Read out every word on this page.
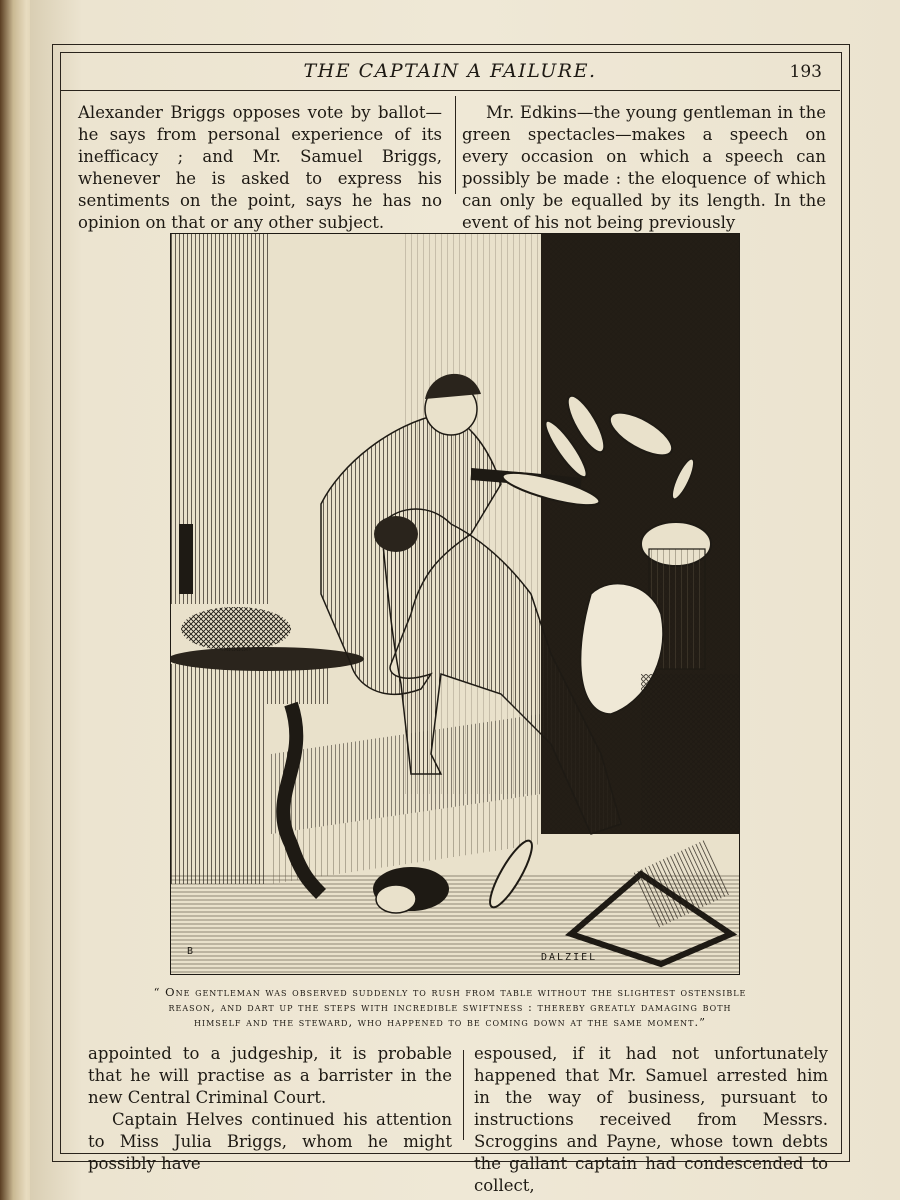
THE CAPTAIN A FAILURE.	193

Alexander Briggs opposes vote by ballot—he says from personal experience of its inefficacy ; and Mr. Samuel Briggs, whenever he is asked to express his sentiments on the point, says he has no opinion on that or any other subject.

Mr. Edkins—the young gentleman in the green spectacles—makes a speech on every occasion on which a speech can possibly be made : the eloquence of which can only be equalled by its length. In the event of his not being previously

B
DALZIEL
“ One gentleman was observed suddenly to rush from table without the slightest ostensible
reason, and dart up the steps with incredible swiftness : thereby greatly damaging both
himself and the steward, who happened to be coming down at the same moment.”

appointed to a judgeship, it is probable that he will practise as a barrister in the new Central Criminal Court.

Captain Helves continued his attention to Miss Julia Briggs, whom he might possibly have

espoused, if it had not unfortunately happened that Mr. Samuel arrested him in the way of business, pursuant to instructions received from Messrs. Scroggins and Payne, whose town debts the gallant captain had condescended to collect,
